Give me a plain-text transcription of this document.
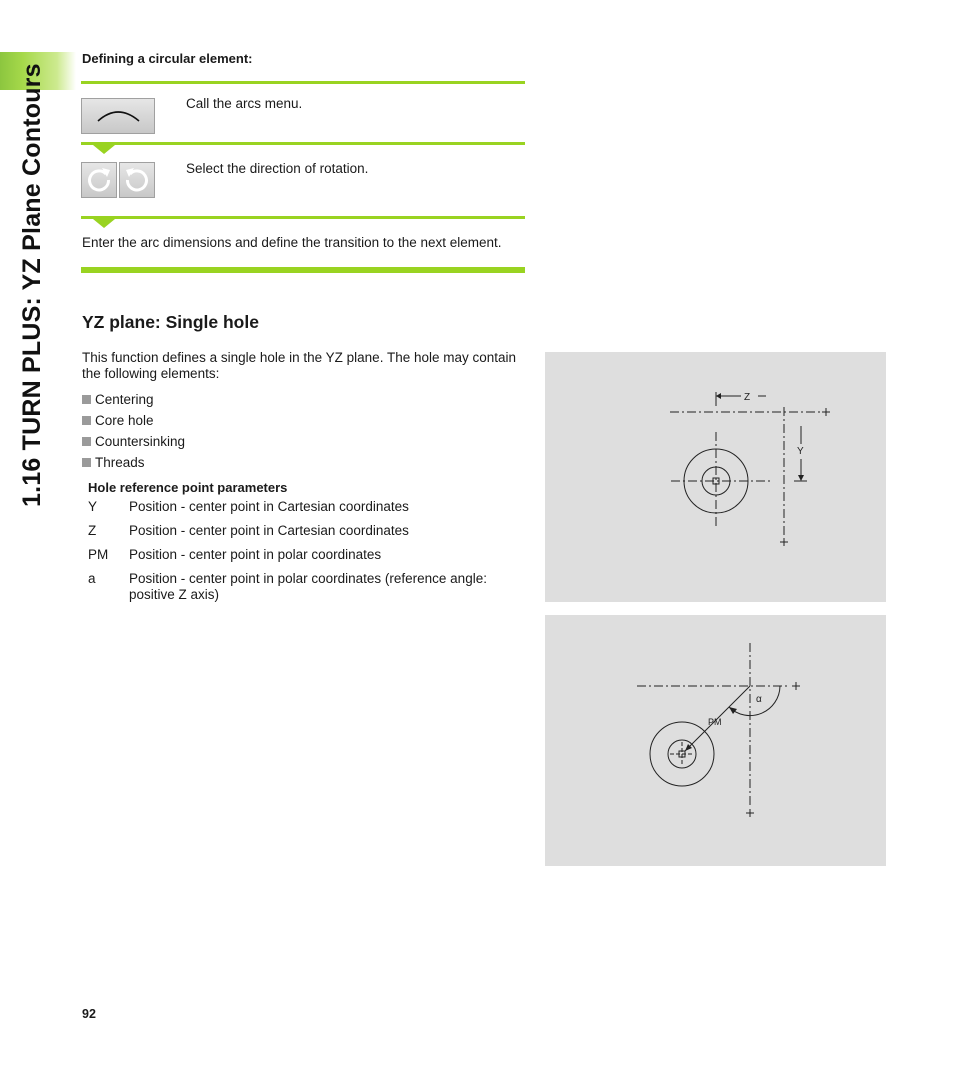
1.16 TURN PLUS: YZ Plane Contours
Defining a circular element:
Call the arcs menu.
Select the direction of rotation.
Enter the arc dimensions and define the transition to the next element.
YZ plane: Single hole
This function defines a single hole in the YZ plane. The hole may contain the following elements:
Centering
Core hole
Countersinking
Threads
Hole reference point parameters
Y Position - center point in Cartesian coordinates
Z Position - center point in Cartesian coordinates
PM Position - center point in polar coordinates
a Position - center point in polar coordinates (reference angle: positive Z axis)
Z
Y
PM
α
92
